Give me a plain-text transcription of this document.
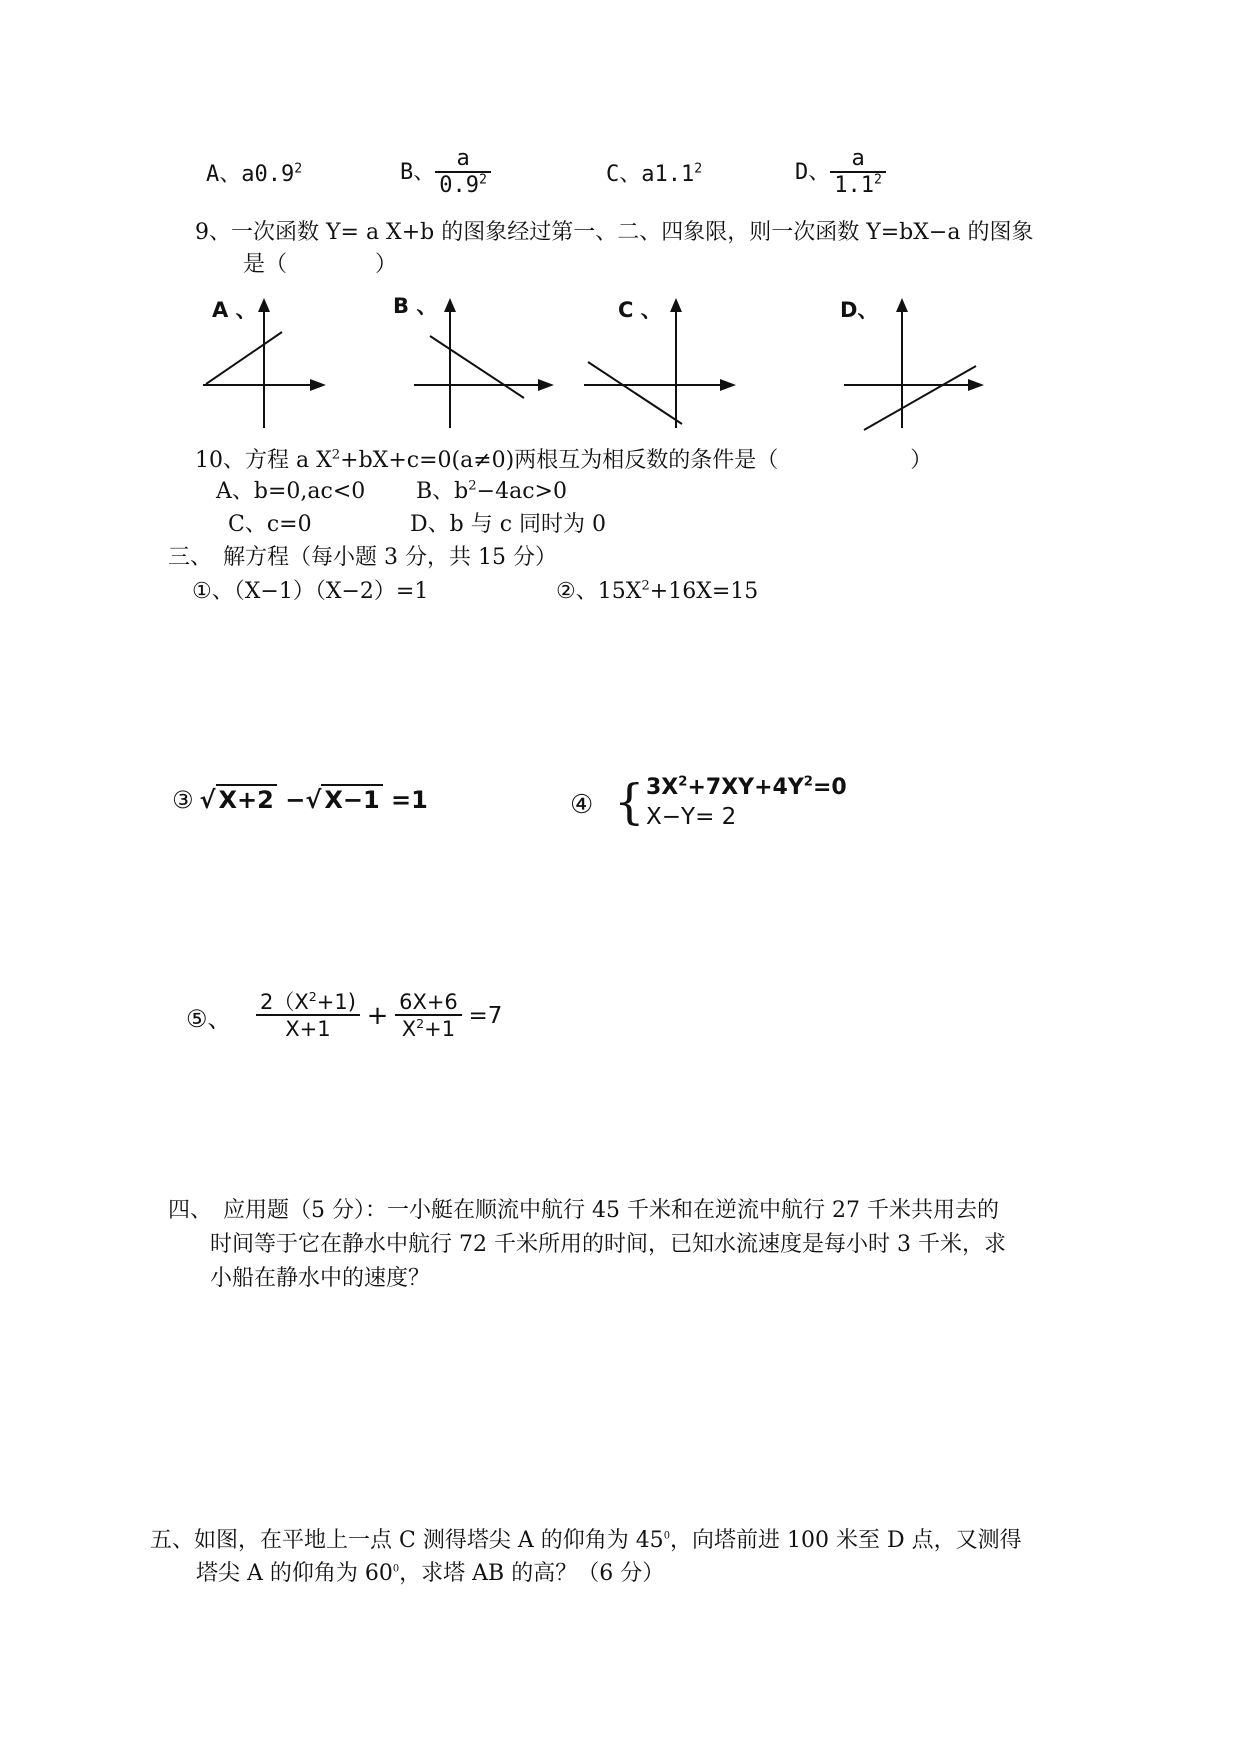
A、$a0.9^2$	B、 $\frac{a}{0.9^2}$	C、$a1.1^2$	D、 $\frac{a}{1.1^2}$
9、一次函数 Y= a X+b 的图象经过第一、二、四象限，则一次函数 Y=bX−a 的图象
是（　　　　）
A 、	B 、	C 、	D、
10、方程 a $X^2+bX+c=0(a\ne 0)$两根互为相反数的条件是（　　　　　　）
A、b=0,ac<0 B、$b^2-4ac>0$
C、c=0	D、b 与 c 同时为 0
三、　解方程（每小题 3 分，共 15 分）
①、（X−1）（X−2）=1	②、$15X^2+16X=15$
③ √ X+2 −√ X−1 =1	④ { $3X^2+7XY+4Y^2=0$
X−Y= 2
⑤、 $\frac{2(X^2+1)}{X+1} + \frac{6X+6}{X^2+1} =7$
四、　应用题（5 分）：一小艇在顺流中航行 45 千米和在逆流中航行 27 千米共用去的
时间等于它在静水中航行 72 千米所用的时间，已知水流速度是每小时 3 千米，求
小船在静水中的速度？
五、如图，在平地上一点 C 测得塔尖 A 的仰角为 $45^0$，向塔前进 100 米至 D 点，又测得
塔尖 A 的仰角为 $60^0$，求塔 AB 的高？（6 分）
